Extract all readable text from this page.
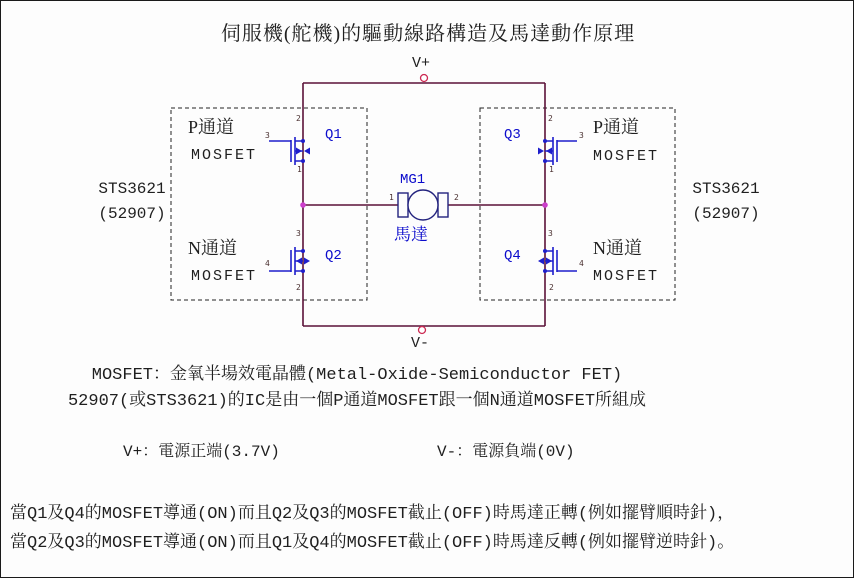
伺服機(舵機)的驅動線路構造及馬達動作原理
V+
V-
STS3621
(52907)
STS3621
(52907)
P通道
MOSFET
N通道
MOSFET
P通道
MOSFET
N通道
MOSFET
Q1
Q2
Q3
Q4
MG1
馬達
2
3
1
3
4
2
2
3
1
3
4
2
1	2
MOSFET：金氧半場效電晶體(Metal-Oxide-Semiconductor FET)
52907(或STS3621)的IC是由一個P通道MOSFET跟一個N通道MOSFET所組成
V+：電源正端(3.7V)	V-：電源負端(0V)
當Q1及Q4的MOSFET導通(ON)而且Q2及Q3的MOSFET截止(OFF)時馬達正轉(例如擺臂順時針)，
當Q2及Q3的MOSFET導通(ON)而且Q1及Q4的MOSFET截止(OFF)時馬達反轉(例如擺臂逆時針)。
